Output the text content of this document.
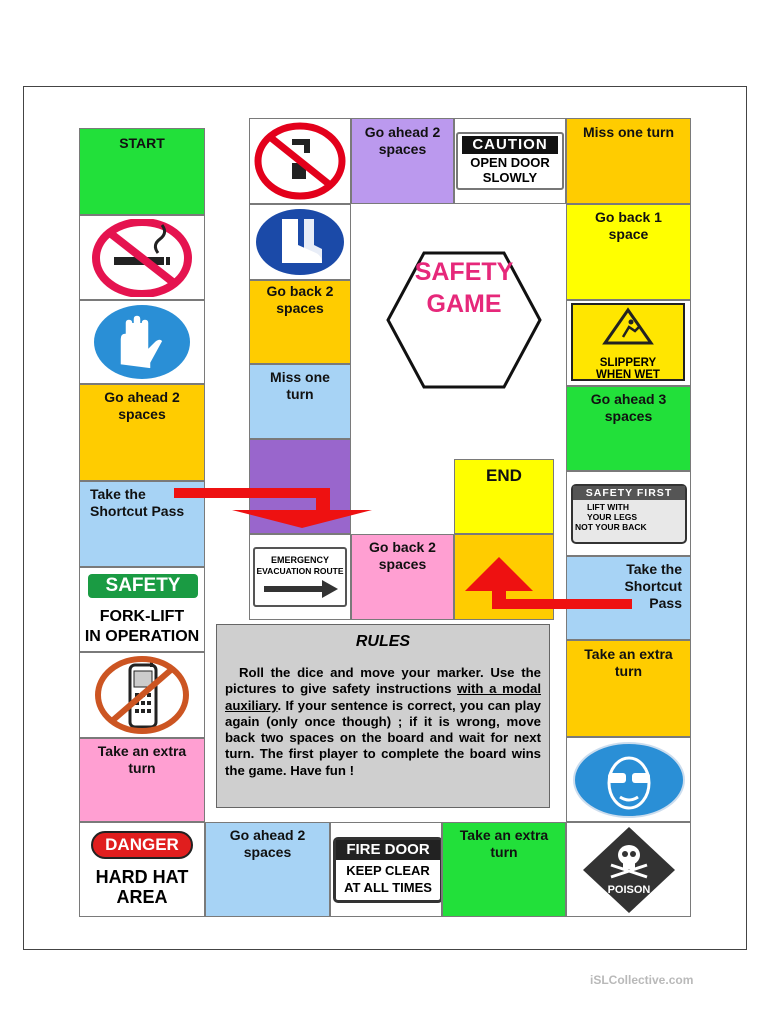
START
Go ahead 2 spaces
Take the Shortcut Pass
SAFETY
FORK-LIFT
IN OPERATION
Take an extra turn
DANGER
HARD HAT
AREA
Go ahead 2 spaces	FIRE DOOR
KEEP CLEAR
AT ALL TIMES
Take an extra turn
POISON
Miss one turn
Go back 1 space
SLIPPERY
WHEN WET
Go ahead 3 spaces
SAFETY FIRST
LIFT WITH
YOUR LEGS
NOT YOUR BACK
Take the Shortcut Pass
Take an extra turn
Go back 2 spaces
Miss one turn
EMERGENCY
EVACUATION ROUTE
Go ahead 2 spaces	CAUTION
OPEN DOOR
SLOWLY
END
Go back 2 spaces
SAFETY
GAME
RULES

Roll the dice and move your marker. Use the pictures to give safety instructions with a modal auxiliary. If your sentence is correct, you can play again (only once though) ; if it is wrong, move back two spaces on the board and wait for next turn. The first player to complete the board wins the game. Have fun !

iSLCollective.com
